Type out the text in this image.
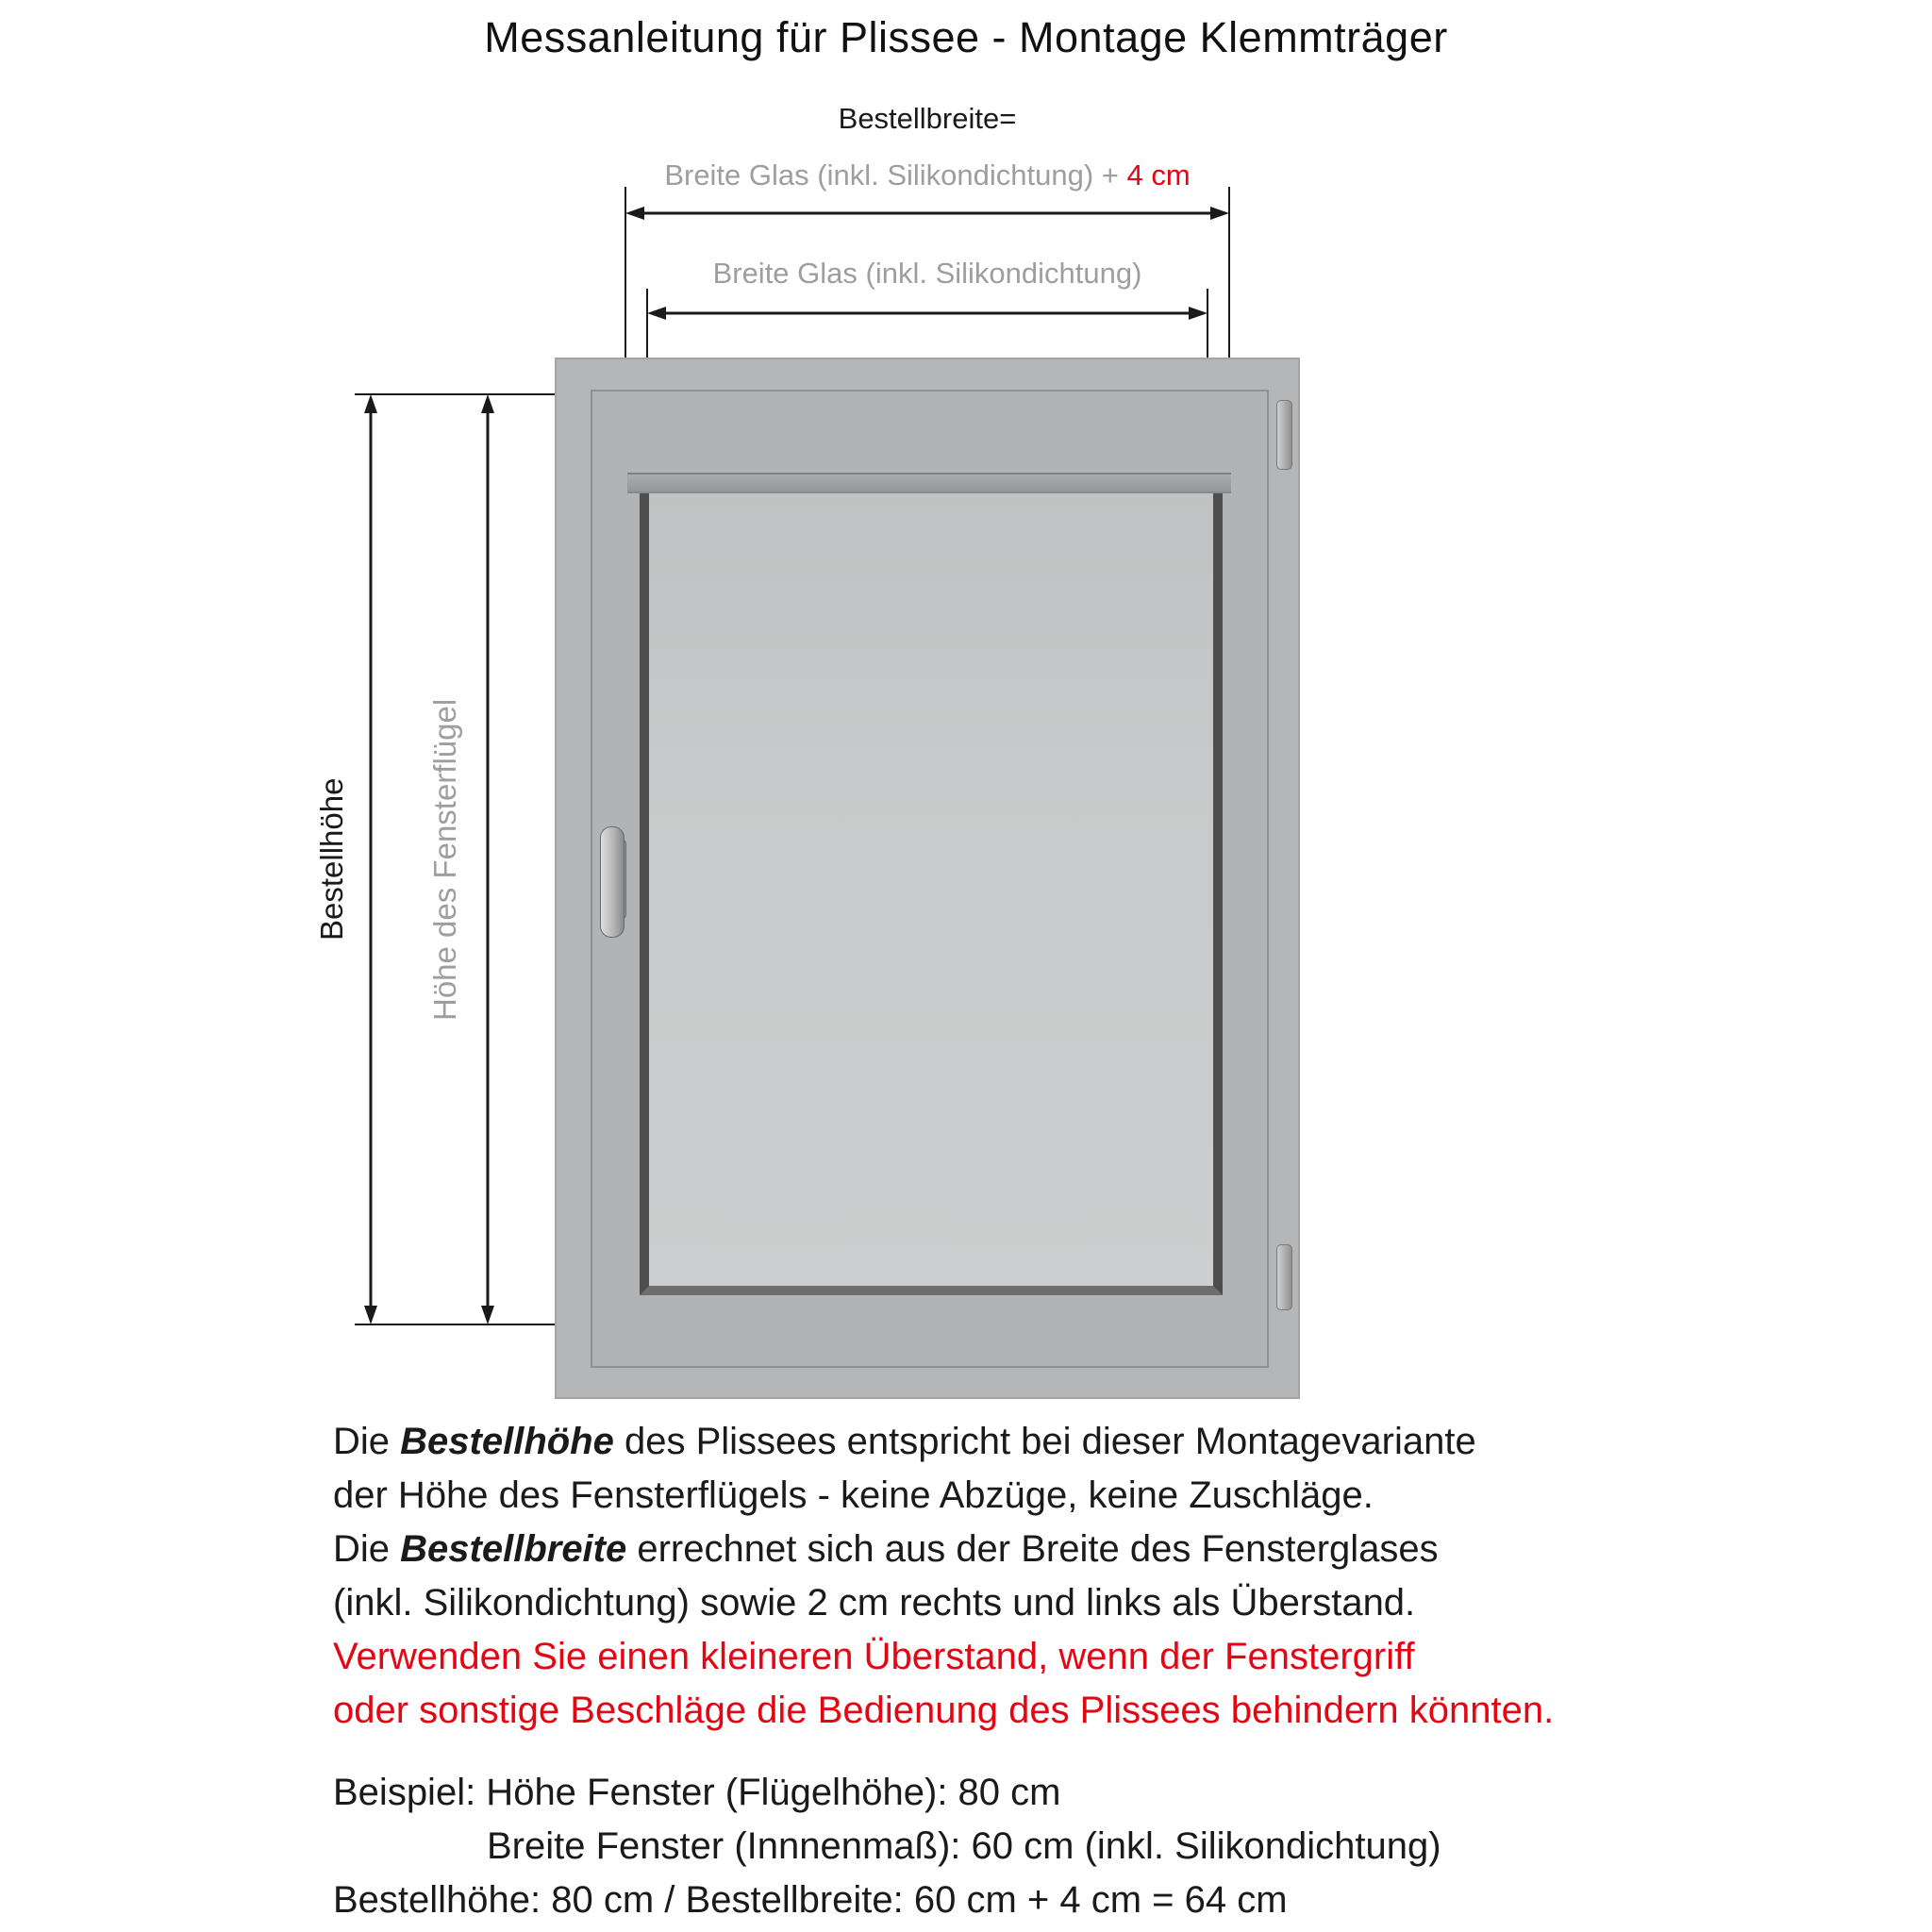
Messanleitung für Plissee - Montage Klemmträger
Bestellbreite=
Breite Glas (inkl. Silikondichtung) + 4 cm
Breite Glas (inkl. Silikondichtung)
Bestellhöhe	Höhe des Fensterflügel
Die Bestellhöhe des Plissees entspricht bei dieser Montagevariante
der Höhe des Fensterflügels - keine Abzüge, keine Zuschläge.
Die Bestellbreite errechnet sich aus der Breite des Fensterglases
(inkl. Silikondichtung) sowie 2 cm rechts und links als Überstand.
Verwenden Sie einen kleineren Überstand, wenn der Fenstergriff
oder sonstige Beschläge die Bedienung des Plissees behindern könnten.
Beispiel: Höhe Fenster (Flügelhöhe): 80 cm
Breite Fenster (Innnenmaß): 60 cm (inkl. Silikondichtung)
Bestellhöhe: 80 cm / Bestellbreite: 60 cm + 4 cm = 64 cm
